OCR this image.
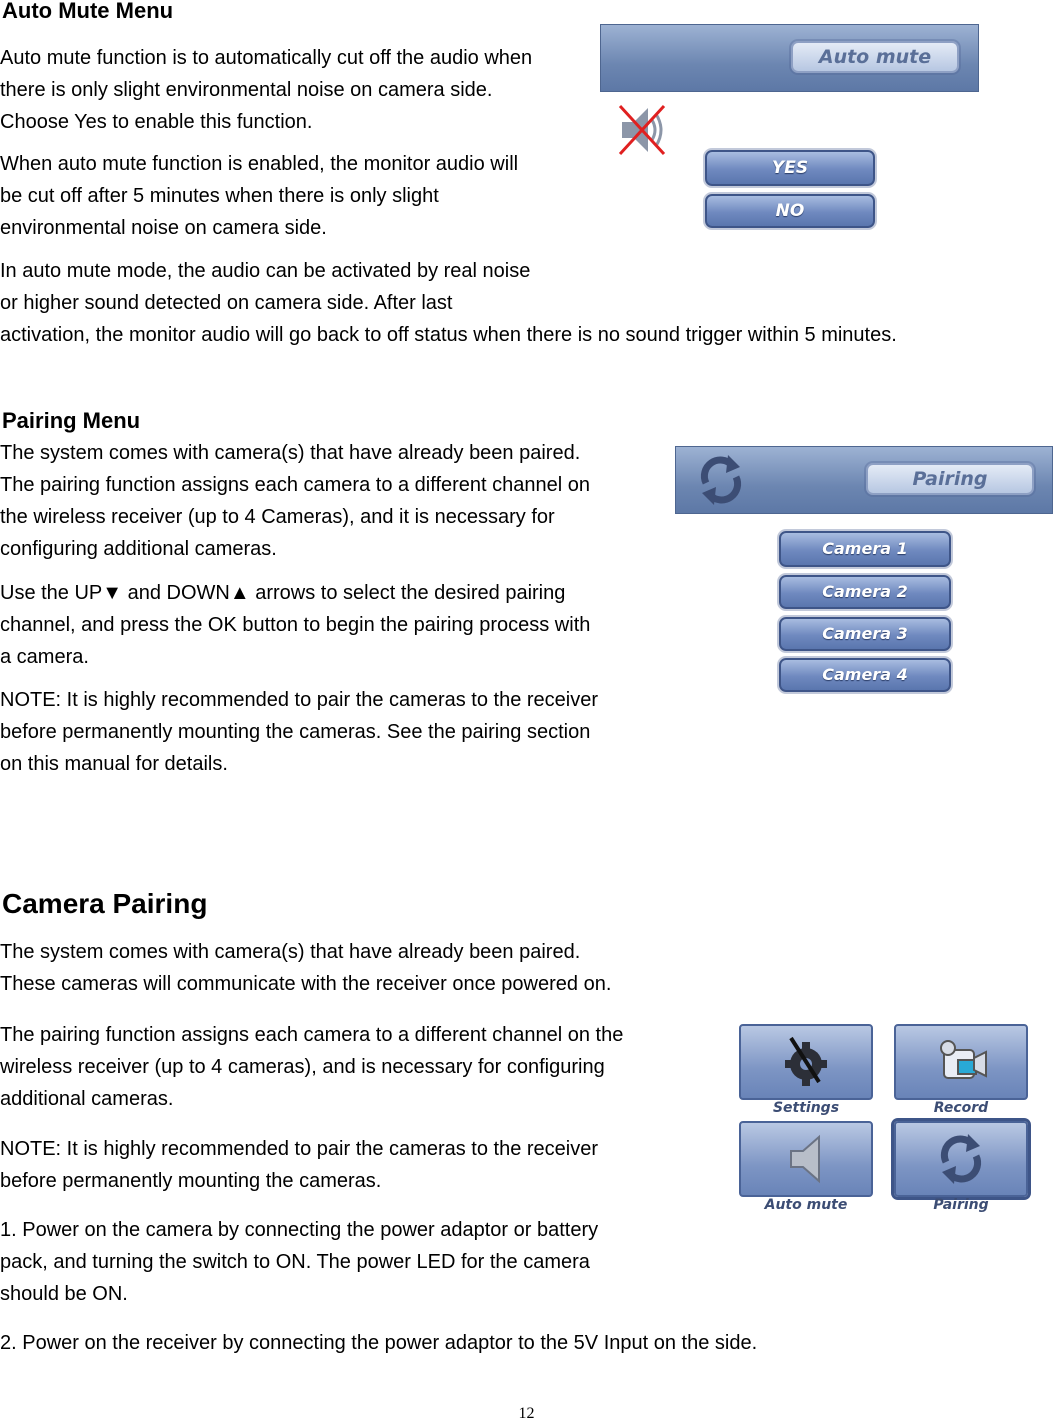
Auto Mute Menu

Auto mute function is to automatically cut off the audio when
there is only slight environmental noise on camera side.
Choose Yes to enable this function.

When auto mute function is enabled, the monitor audio will
be cut off after 5 minutes when there is only slight
environmental noise on camera side.

In auto mute mode, the audio can be activated by real noise
or higher sound detected on camera side. After last
activation, the monitor audio will go back to off status when there is no sound trigger within 5 minutes.

Auto mute
YES
NO
Pairing Menu

The system comes with camera(s) that have already been paired.
The pairing function assigns each camera to a different channel on
the wireless receiver (up to 4 Cameras), and it is necessary for
configuring additional cameras.

Use the UP▼ and DOWN▲ arrows to select the desired pairing
channel, and press the OK button to begin the pairing process with
a camera.

NOTE: It is highly recommended to pair the cameras to the receiver
before permanently mounting the cameras. See the pairing section
on this manual for details.

Pairing
Camera 1
Camera 2
Camera 3
Camera 4
Camera Pairing

The system comes with camera(s) that have already been paired.
These cameras will communicate with the receiver once powered on.

The pairing function assigns each camera to a different channel on the
wireless receiver (up to 4 cameras), and is necessary for configuring
additional cameras.

NOTE: It is highly recommended to pair the cameras to the receiver
before permanently mounting the cameras.

1. Power on the camera by connecting the power adaptor or battery
pack, and turning the switch to ON. The power LED for the camera
should be ON.

2. Power on the receiver by connecting the power adaptor to the 5V Input on the side.

Settings	Record
Auto mute	Pairing
12
